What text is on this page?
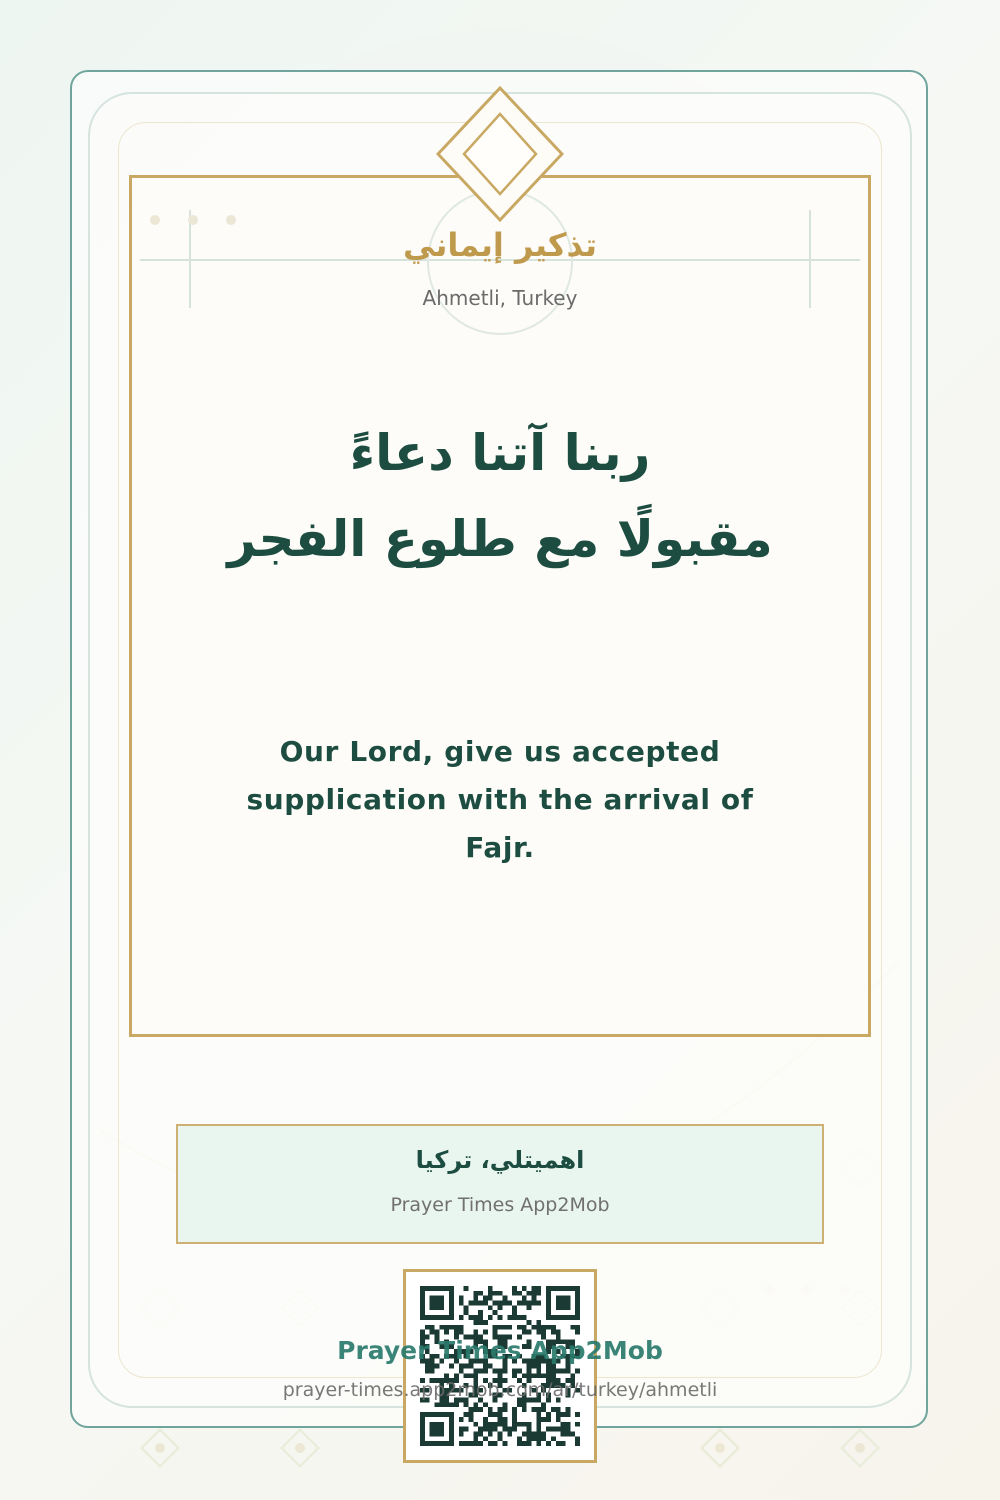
تذكير إيماني
Ahmetli, Turkey
ربنا آتنا دعاءً
مقبولًا مع طلوع الفجر
Our Lord, give us accepted supplication with the arrival of Fajr.
اهميتلي، تركيا
Prayer Times App2Mob
Prayer Times App2Mob
prayer-times.app2mob.com/ar/turkey/ahmetli
